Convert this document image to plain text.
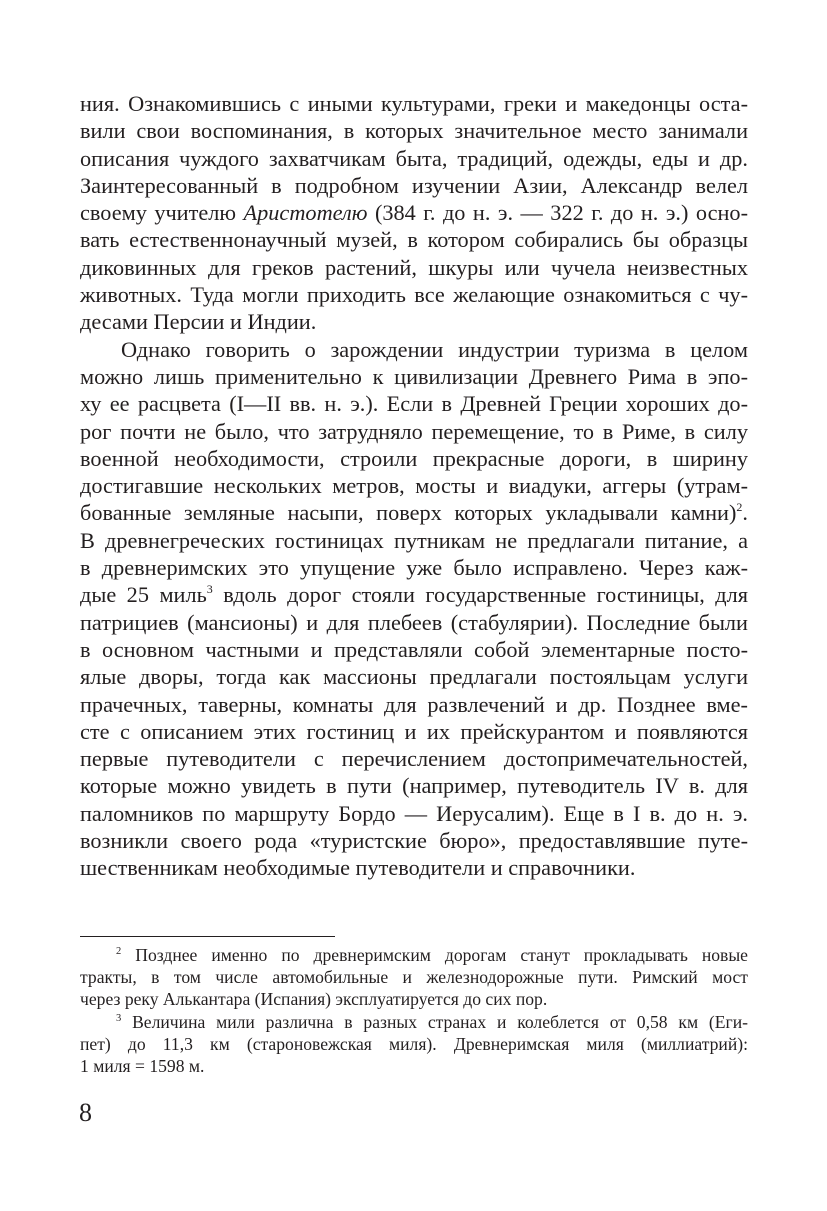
ния. Ознакомившись с иными культурами, греки и македонцы оста-
вили свои воспоминания, в которых значительное место занимали
описания чуждого захватчикам быта, традиций, одежды, еды и др.
Заинтересованный в подробном изучении Азии, Александр велел
своему учителю Аристотелю (384 г. до н. э. — 322 г. до н. э.) осно-
вать естественнонаучный музей, в котором собирались бы образцы
диковинных для греков растений, шкуры или чучела неизвестных
животных. Туда могли приходить все желающие ознакомиться с чу-
десами Персии и Индии.
Однако говорить о зарождении индустрии туризма в целом
можно лишь применительно к цивилизации Древнего Рима в эпо-
ху ее расцвета (I—II вв. н. э.). Если в Древней Греции хороших до-
рог почти не было, что затрудняло перемещение, то в Риме, в силу
военной необходимости, строили прекрасные дороги, в ширину
достигавшие нескольких метров, мосты и виадуки, аггеры (утрам-
бованные земляные насыпи, поверх которых укладывали камни)$^2$.
В древнегреческих гостиницах путникам не предлагали питание, а
в древнеримских это упущение уже было исправлено. Через каж-
дые 25 миль$^3$ вдоль дорог стояли государственные гостиницы, для
патрициев (мансионы) и для плебеев (стабулярии). Последние были
в основном частными и представляли собой элементарные посто-
ялые дворы, тогда как массионы предлагали постояльцам услуги
прачечных, таверны, комнаты для развлечений и др. Позднее вме-
сте с описанием этих гостиниц и их прейскурантом и появляются
первые путеводители с перечислением достопримечательностей,
которые можно увидеть в пути (например, путеводитель IV в. для
паломников по маршруту Бордо — Иерусалим). Еще в I в. до н. э.
возникли своего рода «туристские бюро», предоставлявшие путе-
шественникам необходимые путеводители и справочники.
$^2$ Позднее именно по древнеримским дорогам станут прокладывать новые
тракты, в том числе автомобильные и железнодорожные пути. Римский мост
через реку Алькантара (Испания) эксплуатируется до сих пор.
$^3$ Величина мили различна в разных странах и колеблется от 0,58 км (Еги-
пет) до 11,3 км (староновежская миля). Древнеримская миля (миллиатрий):
1 миля = 1598 м.
8
